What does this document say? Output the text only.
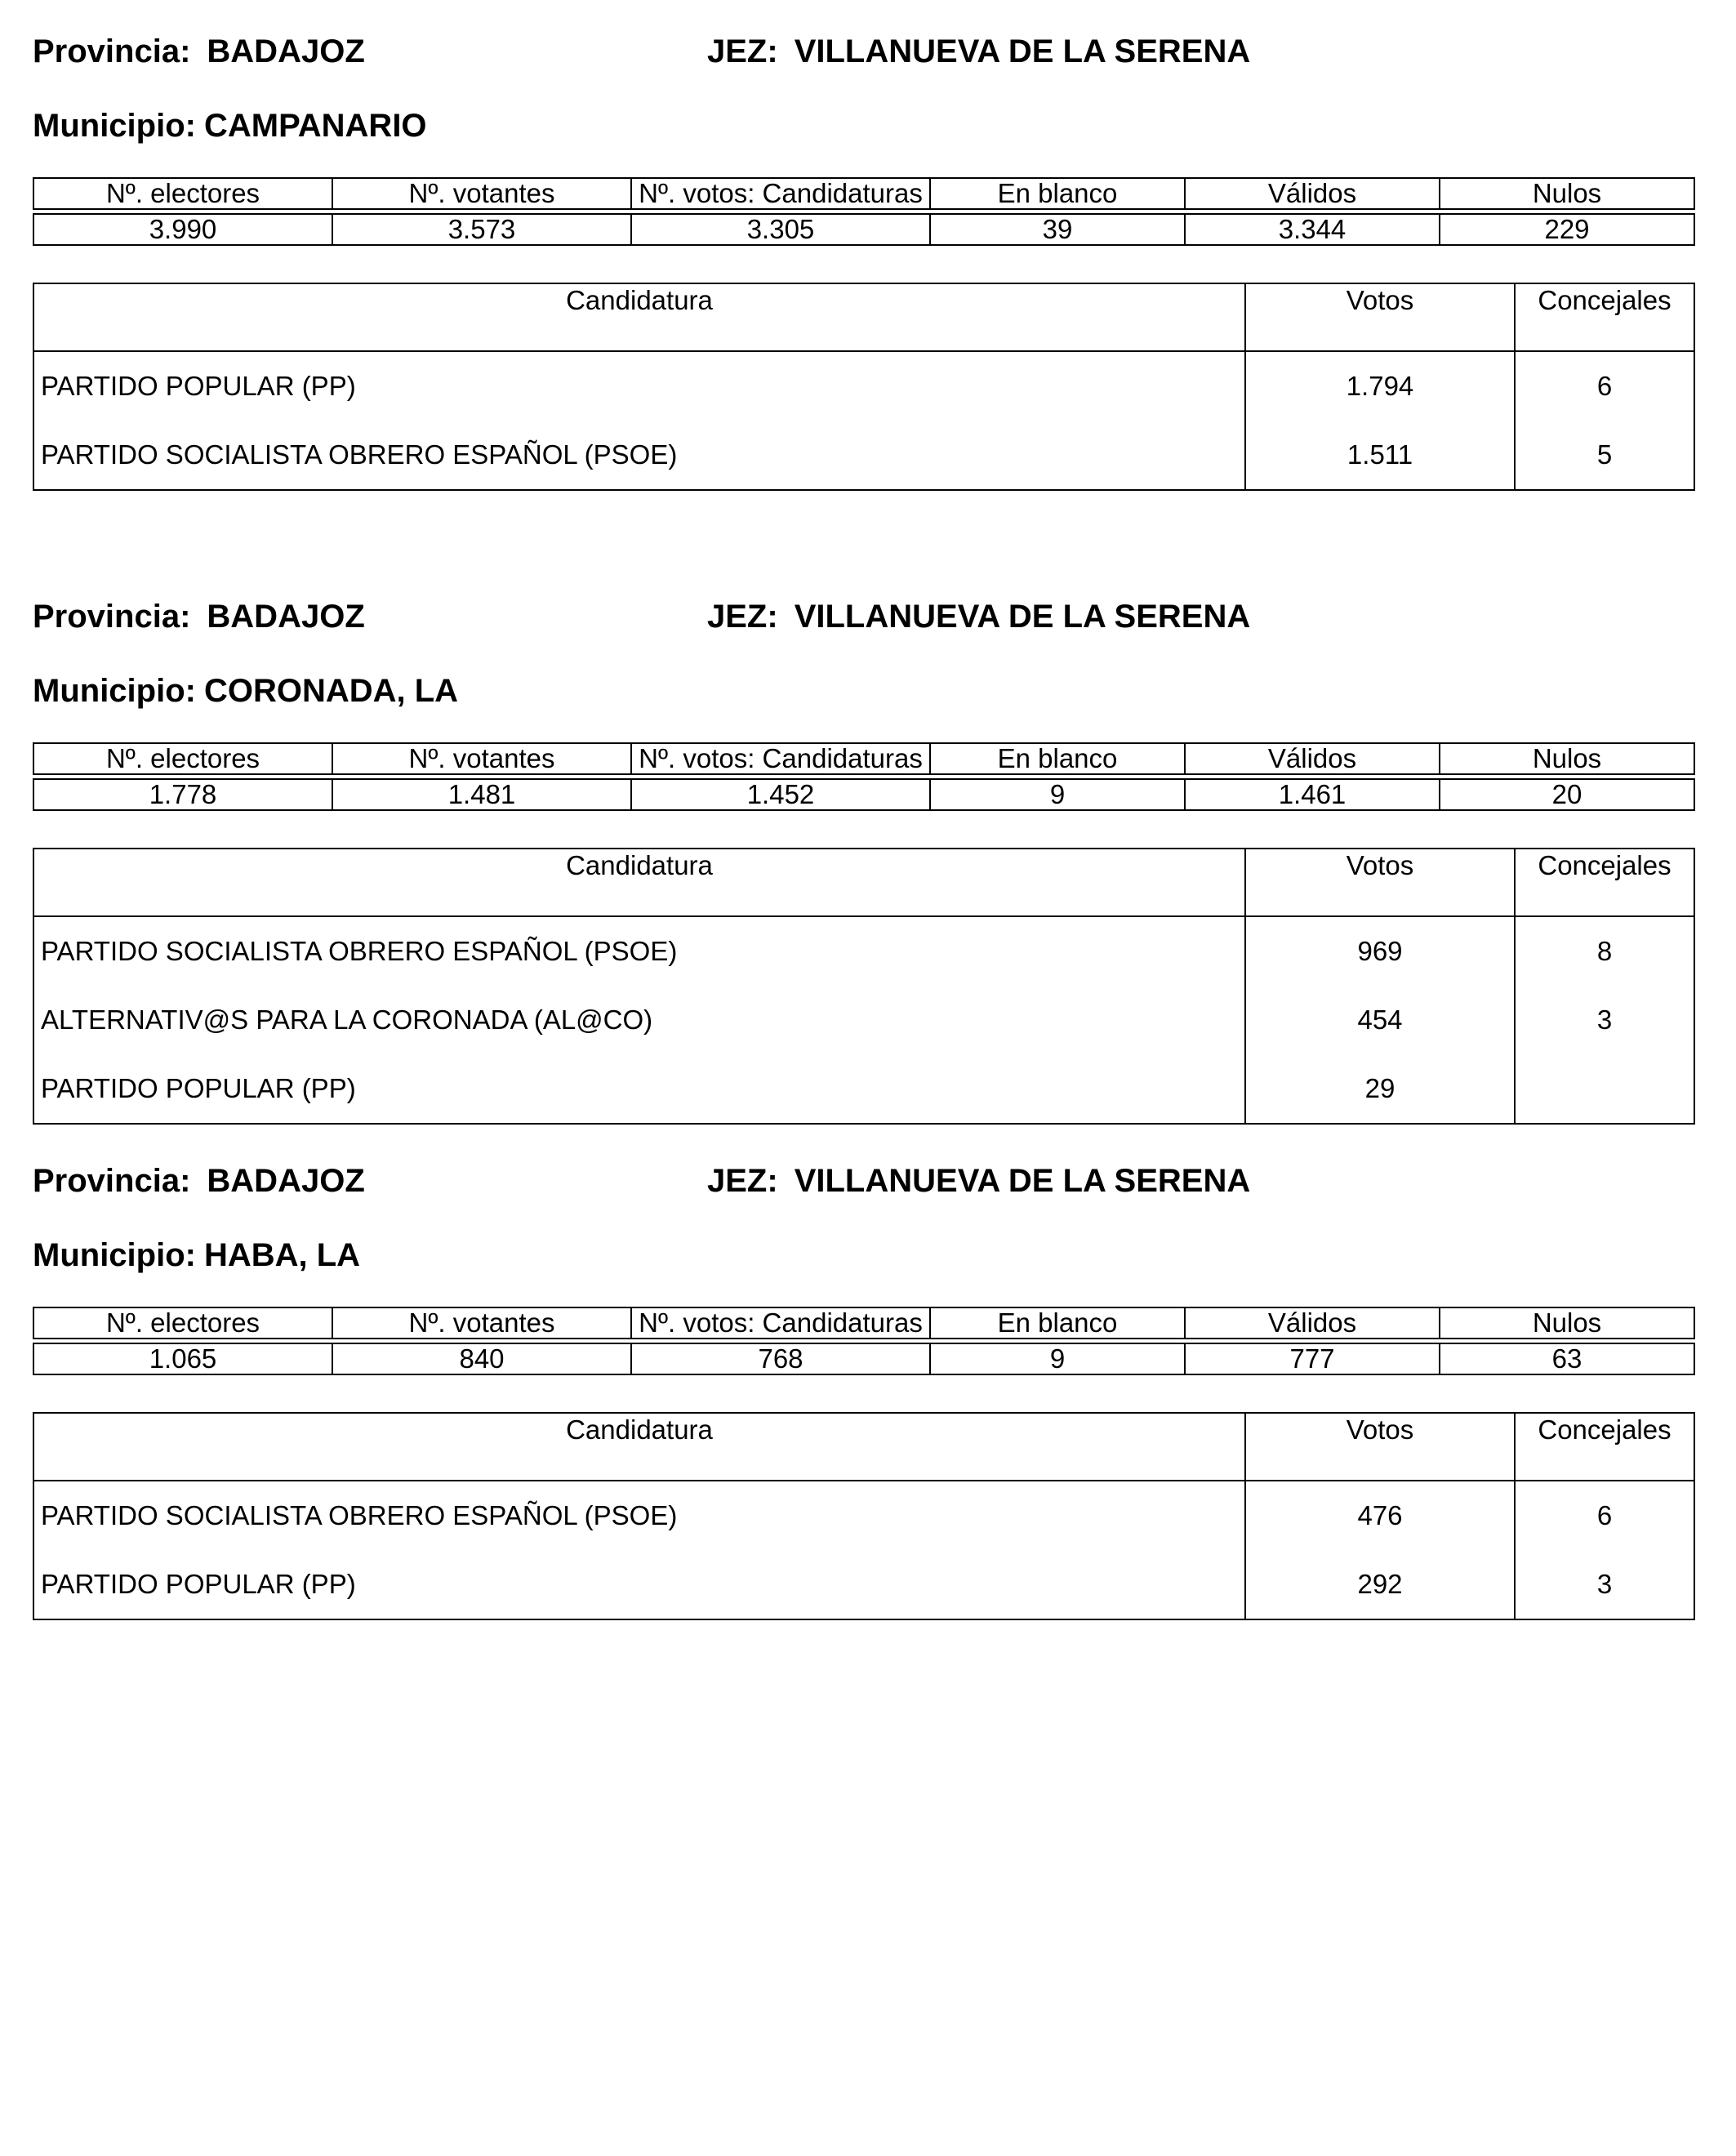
Provincia: BADAJOZ	JEZ: VILLANUEVA DE LA SERENA
Municipio: CAMPANARIO
Nº. electores	Nº. votantes	Nº. votos: Candidaturas	En blanco	Válidos	Nulos

3.990	3.573	3.305	39	3.344	229
Candidatura	Votos	Concejales
PARTIDO POPULAR (PP)	1.794	6
PARTIDO SOCIALISTA OBRERO ESPAÑOL (PSOE)	1.511	5
Provincia: BADAJOZ	JEZ: VILLANUEVA DE LA SERENA
Municipio: CORONADA, LA
Nº. electores	Nº. votantes	Nº. votos: Candidaturas	En blanco	Válidos	Nulos

1.778	1.481	1.452	9	1.461	20
Candidatura	Votos	Concejales
PARTIDO SOCIALISTA OBRERO ESPAÑOL (PSOE)	969	8
ALTERNATIV@S PARA LA CORONADA (AL@CO)	454	3
PARTIDO POPULAR (PP)	29	
Provincia: BADAJOZ	JEZ: VILLANUEVA DE LA SERENA
Municipio: HABA, LA
Nº. electores	Nº. votantes	Nº. votos: Candidaturas	En blanco	Válidos	Nulos

1.065	840	768	9	777	63
Candidatura	Votos	Concejales
PARTIDO SOCIALISTA OBRERO ESPAÑOL (PSOE)	476	6
PARTIDO POPULAR (PP)	292	3
